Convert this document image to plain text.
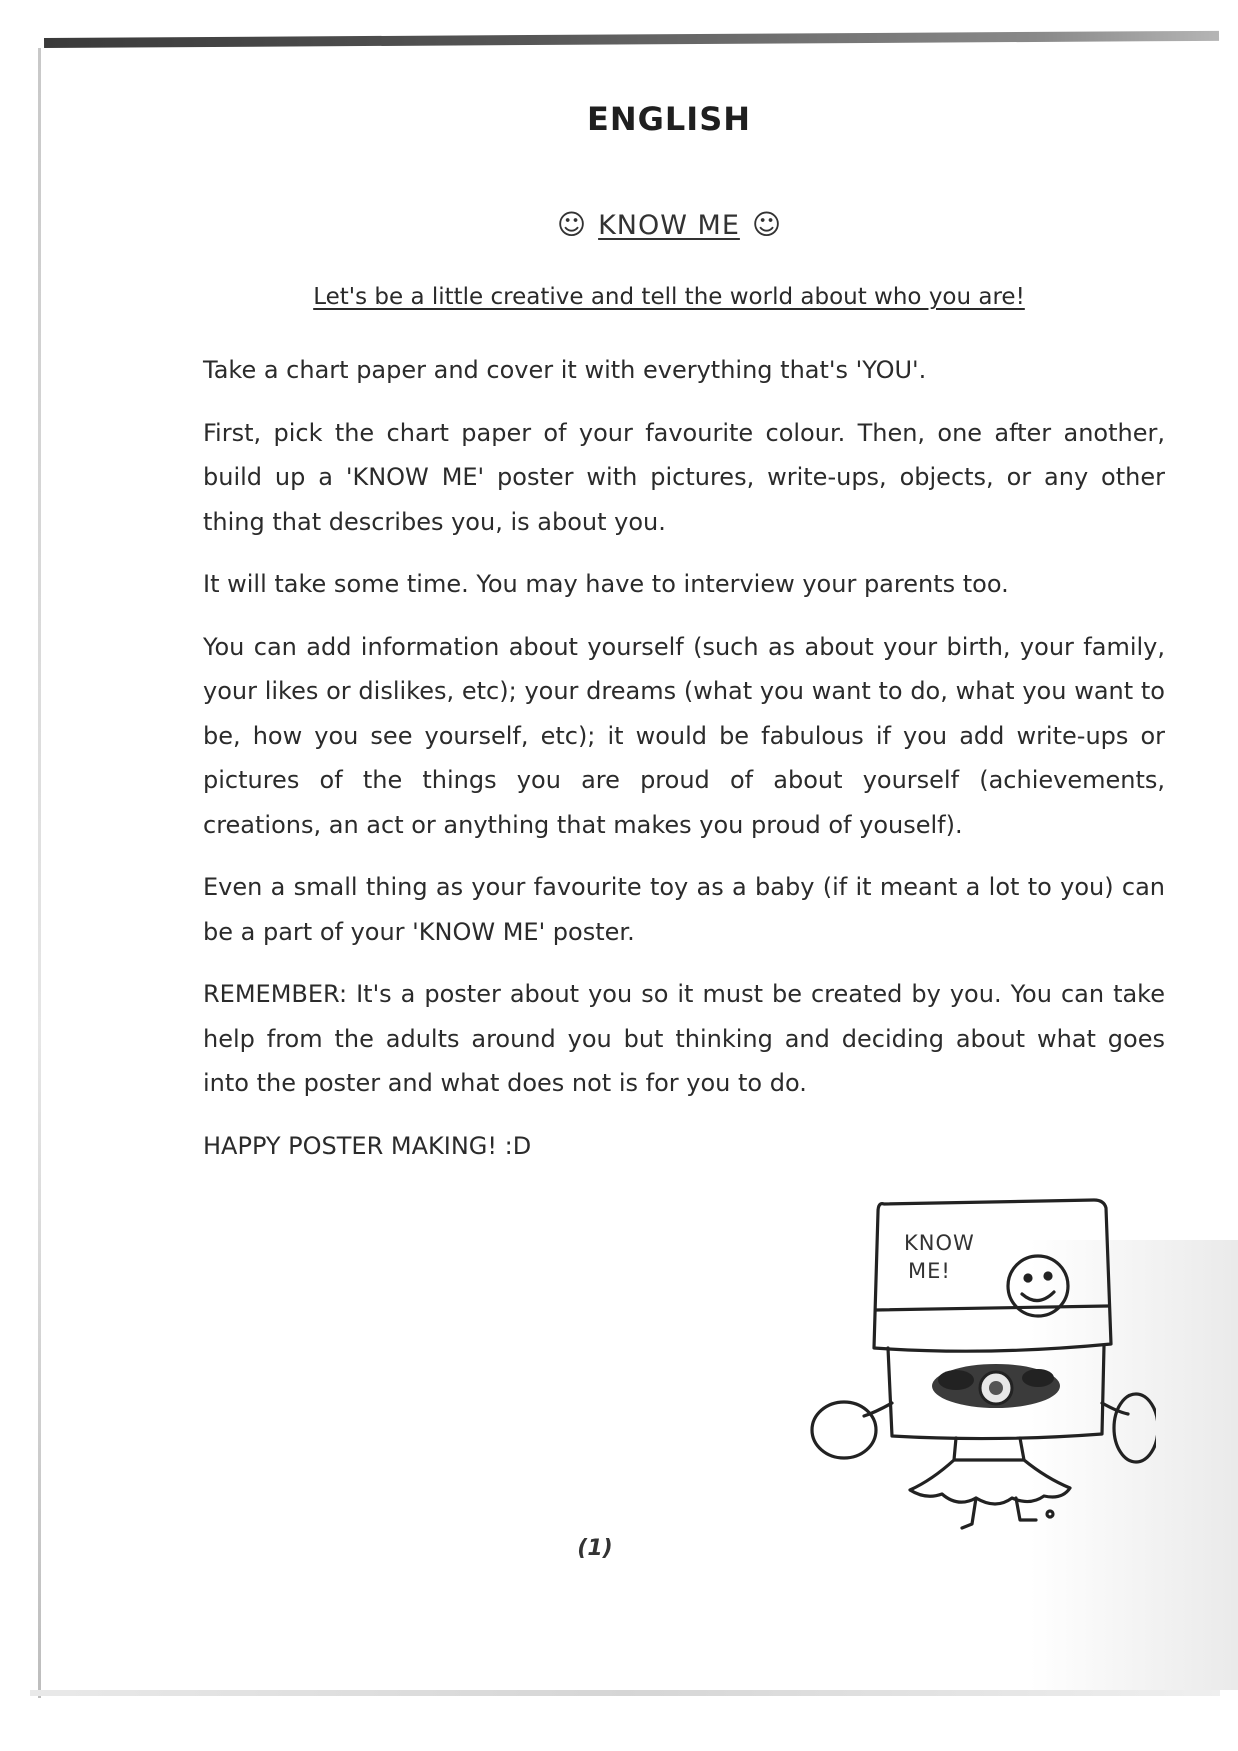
ENGLISH
☺ KNOW ME ☺
Let's be a little creative and tell the world about who you are!

Take a chart paper and cover it with everything that's 'YOU'.

First, pick the chart paper of your favourite colour. Then, one after another, build up a 'KNOW ME' poster with pictures, write-ups, objects, or any other thing that describes you, is about you.

It will take some time. You may have to interview your parents too.

You can add information about yourself (such as about your birth, your family, your likes or dislikes, etc); your dreams (what you want to do, what you want to be, how you see yourself, etc); it would be fabulous if you add write-ups or pictures of the things you are proud of about yourself (achievements, creations, an act or anything that makes you proud of youself).

Even a small thing as your favourite toy as a baby (if it meant a lot to you) can be a part of your 'KNOW ME' poster.

REMEMBER: It's a poster about you so it must be created by you. You can take help from the adults around you but thinking and deciding about what goes into the poster and what does not is for you to do.

HAPPY POSTER MAKING! :D

KNOW
ME!
(1)
